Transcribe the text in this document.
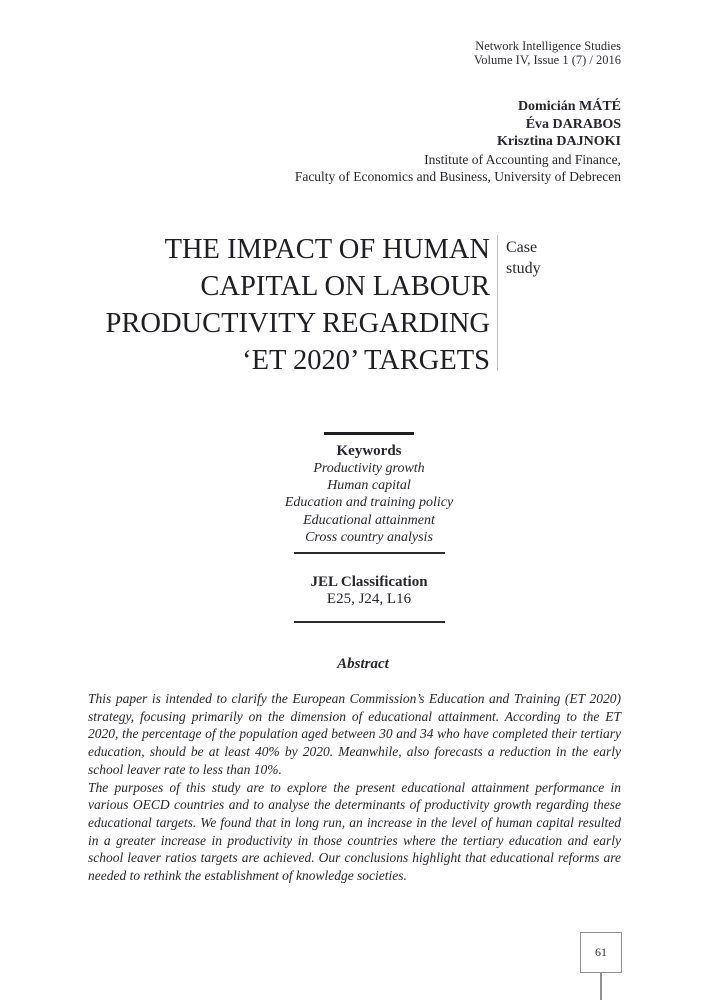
Network Intelligence Studies
Volume IV, Issue 1 (7) / 2016
Domicián MÁTÉ
Éva DARABOS
Krisztina DAJNOKI
Institute of Accounting and Finance,
Faculty of Economics and Business, University of Debrecen
THE IMPACT OF HUMAN
CAPITAL ON LABOUR
PRODUCTIVITY REGARDING
‘ET 2020’ TARGETS
Case study
Keywords
Productivity growth
Human capital
Education and training policy
Educational attainment
Cross country analysis
JEL Classification
E25, J24, L16
Abstract

This paper is intended to clarify the European Commission’s Education and Training (ET 2020) strategy, focusing primarily on the dimension of educational attainment. According to the ET 2020, the percentage of the population aged between 30 and 34 who have completed their tertiary education, should be at least 40% by 2020. Meanwhile, also forecasts a reduction in the early school leaver rate to less than 10%.

The purposes of this study are to explore the present educational attainment performance in various OECD countries and to analyse the determinants of productivity growth regarding these educational targets. We found that in long run, an increase in the level of human capital resulted in a greater increase in productivity in those countries where the tertiary education and early school leaver ratios targets are achieved. Our conclusions highlight that educational reforms are needed to rethink the establishment of knowledge societies.

61
